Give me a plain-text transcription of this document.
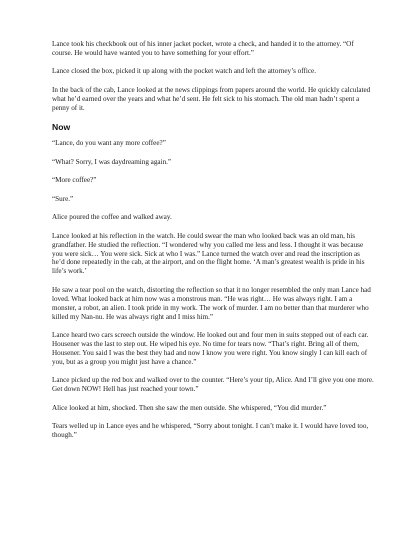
Lance took his checkbook out of his inner jacket pocket, wrote a check, and handed it to the attorney. “Of course. He would have wanted you to have something for your effort.”

Lance closed the box, picked it up along with the pocket watch and left the attorney’s office.

In the back of the cab, Lance looked at the news clippings from papers around the world. He quickly calculated what he’d earned over the years and what he’d sent. He felt sick to his stomach. The old man hadn’t spent a penny of it.

Now

“Lance, do you want any more coffee?”

“What? Sorry, I was daydreaming again.”

“More coffee?”

“Sure.”

Alice poured the coffee and walked away.

Lance looked at his reflection in the watch. He could swear the man who looked back was an old man, his grandfather. He studied the reflection. “I wondered why you called me less and less. I thought it was because you were sick… You were sick. Sick at who I was.” Lance turned the watch over and read the inscription as he’d done repeatedly in the cab, at the airport, and on the flight home. ‘A man’s greatest wealth is pride in his life’s work.’

He saw a tear pool on the watch, distorting the reflection so that it no longer resembled the only man Lance had loved. What looked back at him now was a monstrous man. “He was right… He was always right. I am a monster, a robot, an alien. I took pride in my work. The work of murder. I am no better than that murderer who killed my Nan-nu. He was always right and I miss him.”

Lance heard two cars screech outside the window. He looked out and four men in suits stepped out of each car. Housener was the last to step out. He wiped his eye. No time for tears now. “That’s right. Bring all of them, Housener. You said I was the best they had and now I know you were right. You know singly I can kill each of you, but as a group you might just have a chance.”

Lance picked up the red box and walked over to the counter. “Here’s your tip, Alice. And I’ll give you one more. Get down NOW! Hell has just reached your town.”

Alice looked at him, shocked. Then she saw the men outside. She whispered, “You did murder.”

Tears welled up in Lance eyes and he whispered, “Sorry about tonight. I can’t make it. I would have loved too, though.”
